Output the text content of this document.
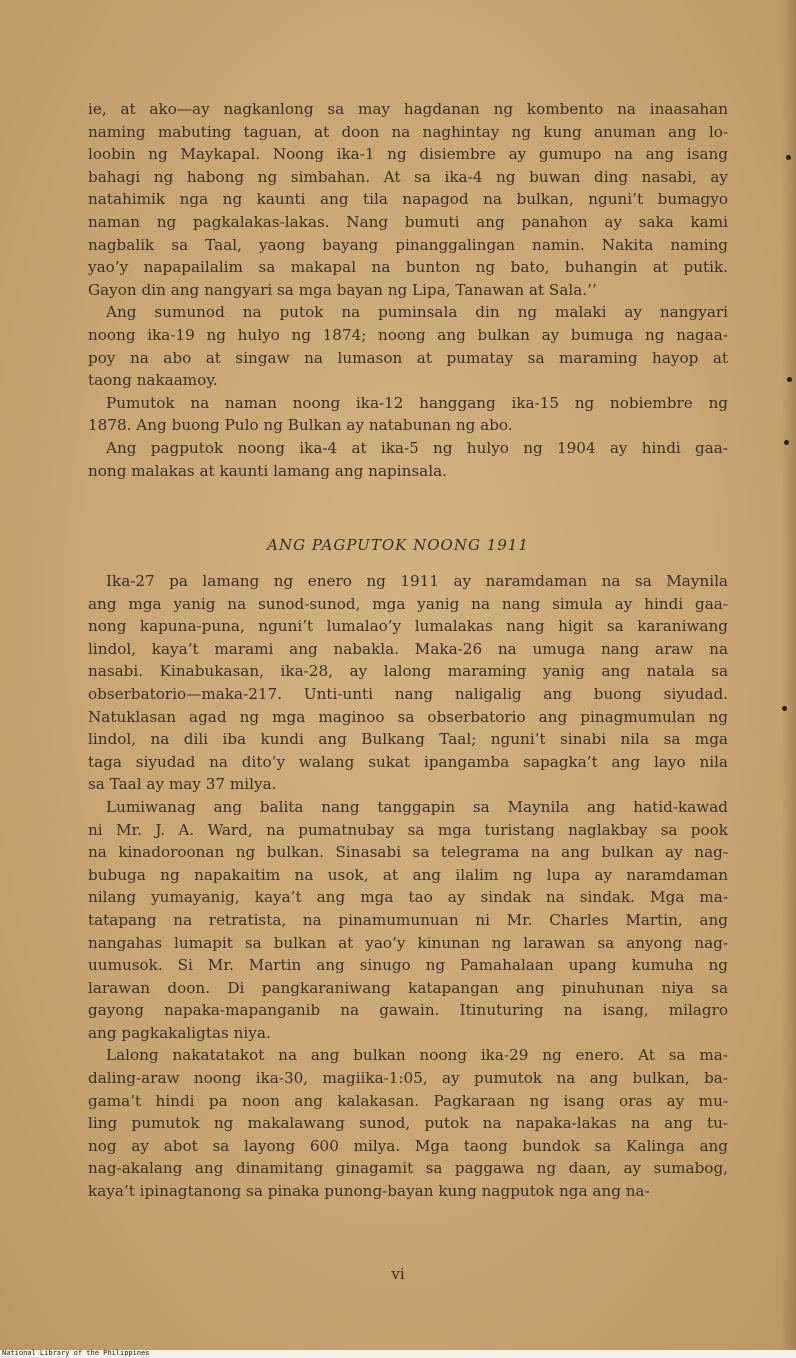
ie, at ako—ay nagkanlong sa may hagdanan ng kombento na inaasahan
naming mabuting taguan, at doon na naghintay ng kung anuman ang lo-
loobin ng Maykapal. Noong ika-1 ng disiembre ay gumupo na ang isang
bahagi ng habong ng simbahan. At sa ika-4 ng buwan ding nasabi, ay
natahimik nga ng kaunti ang tila napagod na bulkan, nguni’t bumagyo
naman ng pagkalakas-lakas. Nang bumuti ang panahon ay saka kami
nagbalik sa Taal, yaong bayang pinanggalingan namin. Nakita naming
yao’y napapailalim sa makapal na bunton ng bato, buhangin at putik.
Gayon din ang nangyari sa mga bayan ng Lipa, Tanawan at Sala.’’

Ang sumunod na putok na puminsala din ng malaki ay nangyari
noong ika-19 ng hulyo ng 1874; noong ang bulkan ay bumuga ng nagaa-
poy na abo at singaw na lumason at pumatay sa maraming hayop at
taong nakaamoy.

Pumutok na naman noong ika-12 hanggang ika-15 ng nobiembre ng
1878. Ang buong Pulo ng Bulkan ay natabunan ng abo.

Ang pagputok noong ika-4 at ika-5 ng hulyo ng 1904 ay hindi gaa-
nong malakas at kaunti lamang ang napinsala.

ANG PAGPUTOK NOONG 1911

Ika-27 pa lamang ng enero ng 1911 ay naramdaman na sa Maynila
ang mga yanig na sunod-sunod, mga yanig na nang simula ay hindi gaa-
nong kapuna-puna, nguni’t lumalao’y lumalakas nang higit sa karaniwang
lindol, kaya’t marami ang nabakla. Maka-26 na umuga nang araw na
nasabi. Kinabukasan, ika-28, ay lalong maraming yanig ang natala sa
obserbatorio—maka-217. Unti-unti nang naligalig ang buong siyudad.
Natuklasan agad ng mga maginoo sa obserbatorio ang pinagmumulan ng
lindol, na dili iba kundi ang Bulkang Taal; nguni’t sinabi nila sa mga
taga siyudad na dito’y walang sukat ipangamba sapagka’t ang layo nila
sa Taal ay may 37 milya.

Lumiwanag ang balita nang tanggapin sa Maynila ang hatid-kawad
ni Mr. J. A. Ward, na pumatnubay sa mga turistang naglakbay sa pook
na kinadoroonan ng bulkan. Sinasabi sa telegrama na ang bulkan ay nag-
bubuga ng napakaitim na usok, at ang ilalim ng lupa ay naramdaman
nilang yumayanig, kaya’t ang mga tao ay sindak na sindak. Mga ma-
tatapang na retratista, na pinamumunuan ni Mr. Charles Martin, ang
nangahas lumapit sa bulkan at yao’y kinunan ng larawan sa anyong nag-
uumusok. Si Mr. Martin ang sinugo ng Pamahalaan upang kumuha ng
larawan doon. Di pangkaraniwang katapangan ang pinuhunan niya sa
gayong napaka-mapanganib na gawain. Itinuturing na isang, milagro
ang pagkakaligtas niya.

Lalong nakatatakot na ang bulkan noong ika-29 ng enero. At sa ma-
daling-araw noong ika-30, magiika-1:05, ay pumutok na ang bulkan, ba-
gama’t hindi pa noon ang kalakasan. Pagkaraan ng isang oras ay mu-
ling pumutok ng makalawang sunod, putok na napaka-lakas na ang tu-
nog ay abot sa layong 600 milya. Mga taong bundok sa Kalinga ang
nag-akalang ang dinamitang ginagamit sa paggawa ng daan, ay sumabog,
kaya’t ipinagtanong sa pinaka punong-bayan kung nagputok nga ang na-

vi
National Library of the Philippines
